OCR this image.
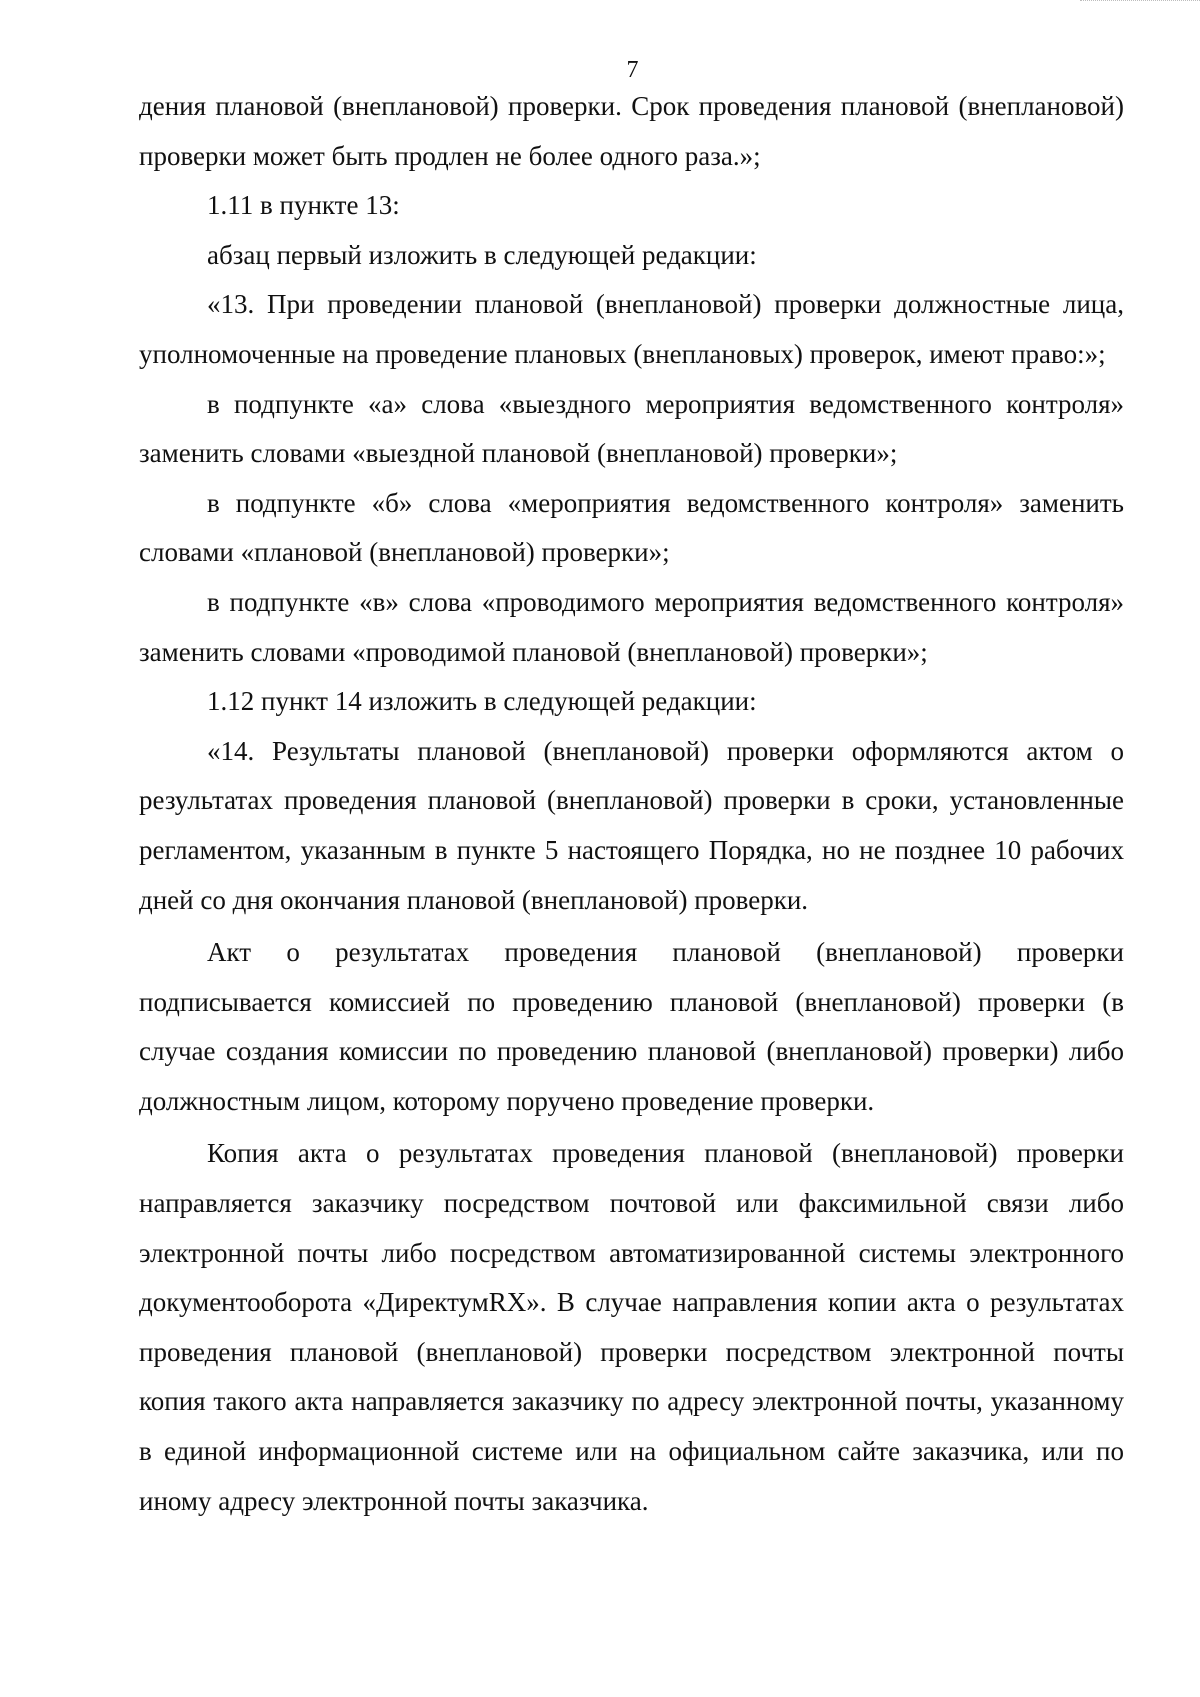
7

дения плановой (внеплановой) проверки. Срок проведения плановой (внеплановой) проверки может быть продлен не более одного раза.»;

1.11 в пункте 13:

абзац первый изложить в следующей редакции:

«13. При проведении плановой (внеплановой) проверки должностные лица, уполномоченные на проведение плановых (внеплановых) проверок, имеют право:»;

в подпункте «а» слова «выездного мероприятия ведомственного контроля» заменить словами «выездной плановой (внеплановой) проверки»;

в подпункте «б» слова «мероприятия ведомственного контроля» заменить словами «плановой (внеплановой) проверки»;

в подпункте «в» слова «проводимого мероприятия ведомственного контроля» заменить словами «проводимой плановой (внеплановой) проверки»;

1.12 пункт 14 изложить в следующей редакции:

«14. Результаты плановой (внеплановой) проверки оформляются актом о результатах проведения плановой (внеплановой) проверки в сроки, установленные регламентом, указанным в пункте 5 настоящего Порядка, но не позднее 10 рабочих дней со дня окончания плановой (внеплановой) проверки.

Акт о результатах проведения плановой (внеплановой) проверки подписывается комиссией по проведению плановой (внеплановой) проверки (в случае создания комиссии по проведению плановой (внеплановой) проверки) либо должностным лицом, которому поручено проведение проверки.

Копия акта о результатах проведения плановой (внеплановой) проверки направляется заказчику посредством почтовой или факсимильной связи либо электронной почты либо посредством автоматизированной системы электронного документооборота «ДиректумRX». В случае направления копии акта о результатах проведения плановой (внеплановой) проверки посредством электронной почты копия такого акта направляется заказчику по адресу электронной почты, указанному в единой информационной системе или на официальном сайте заказчика, или по иному адресу электронной почты заказчика.
